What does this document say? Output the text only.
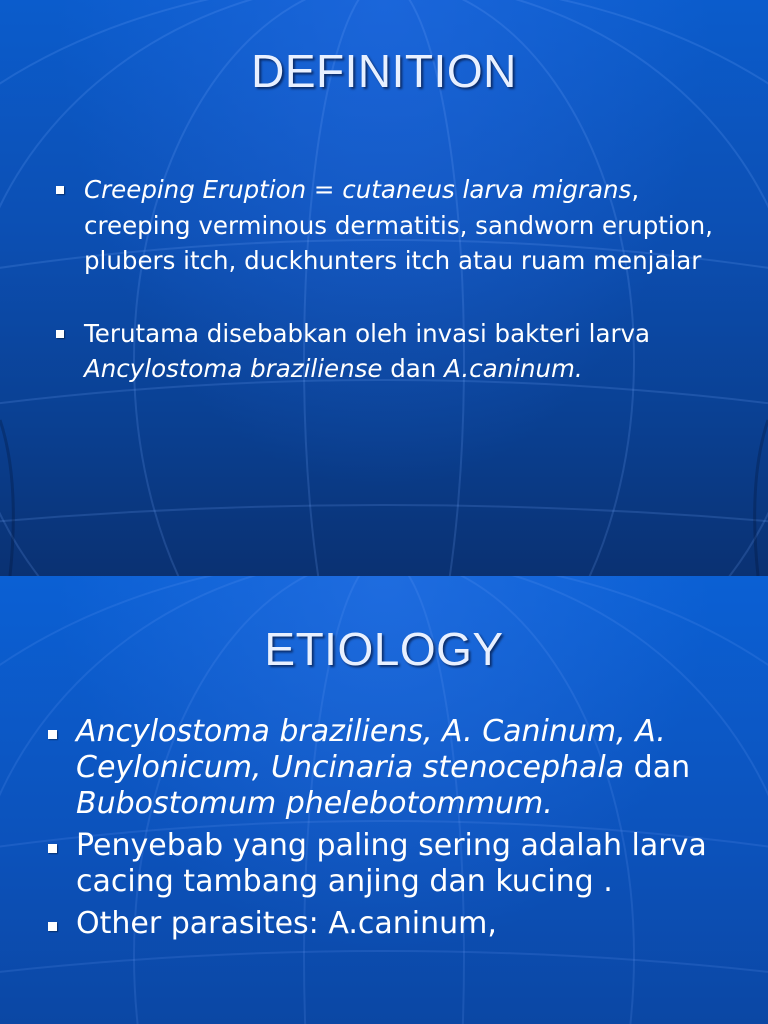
DEFINITION
Creeping Eruption = cutaneus larva migrans, creeping verminous dermatitis, sandworn eruption, plubers itch, duckhunters itch atau ruam menjalar
Terutama disebabkan oleh invasi bakteri larva Ancylostoma braziliense dan A.caninum.
ETIOLOGY
Ancylostoma braziliens, A. Caninum, A. Ceylonicum, Uncinaria stenocephala dan Bubostomum phelebotommum.
Penyebab yang paling sering adalah larva cacing tambang anjing dan kucing .
Other parasites: A.caninum,
